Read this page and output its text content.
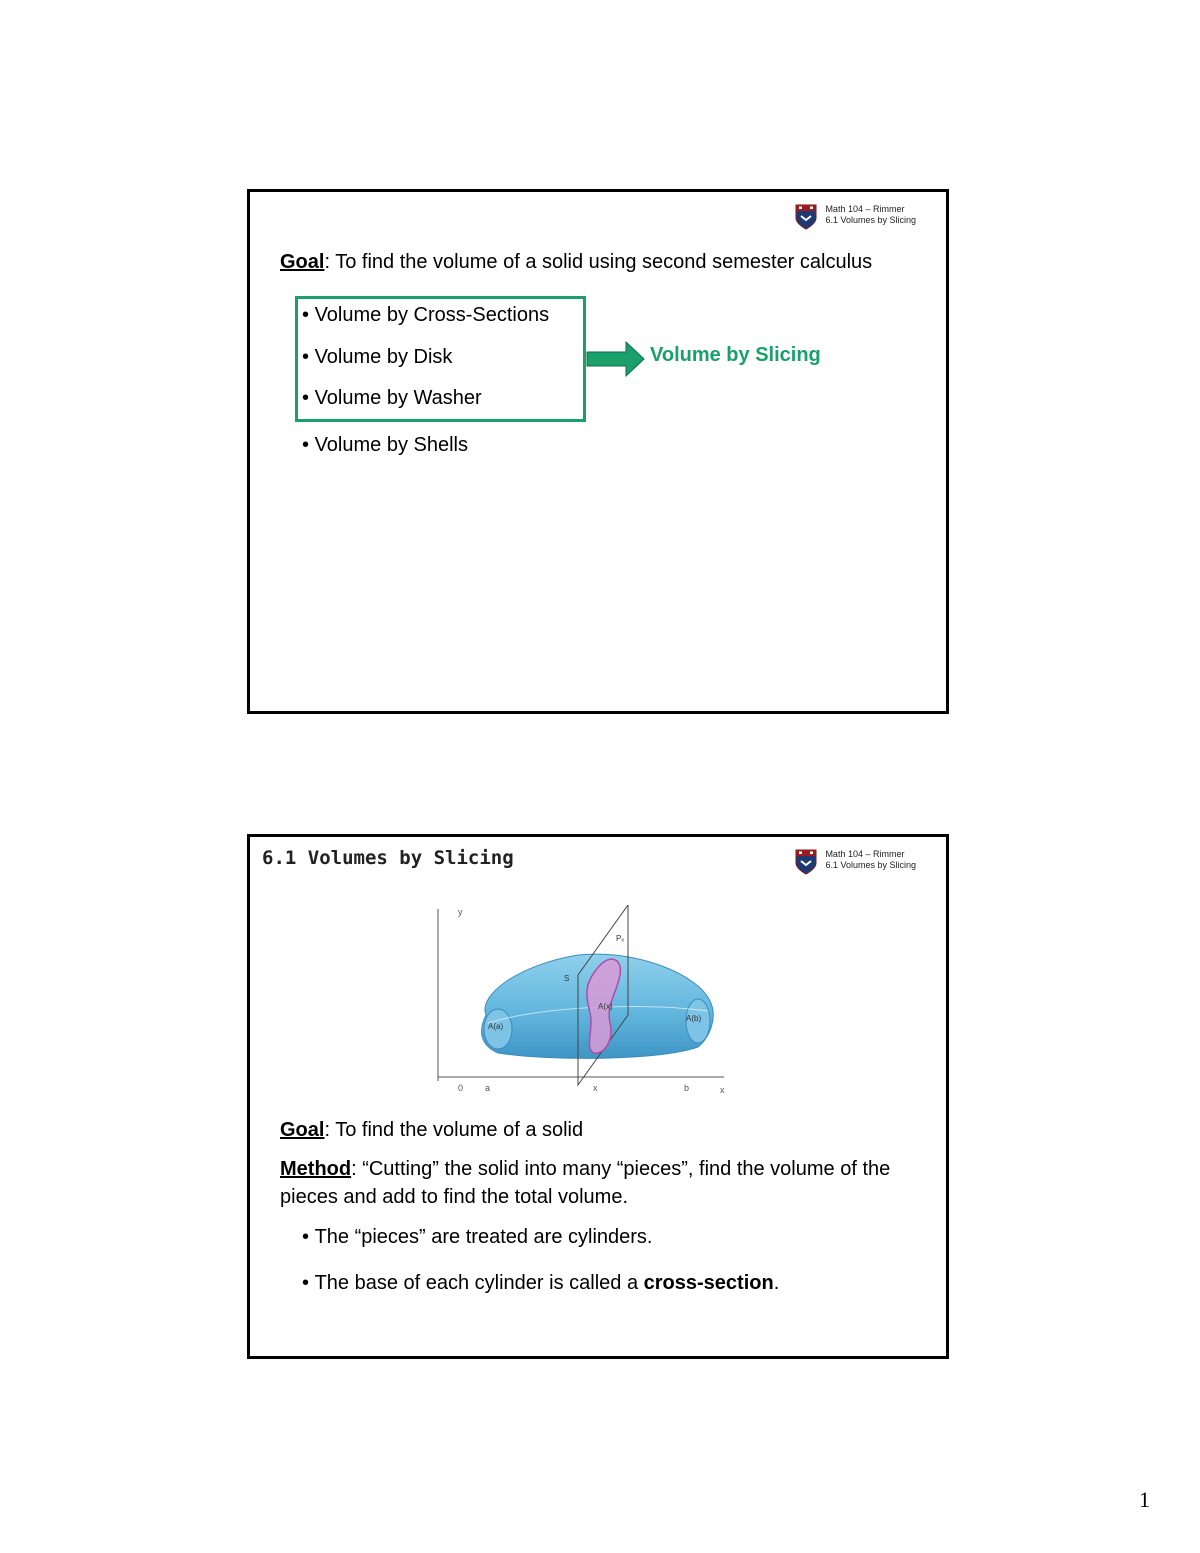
Math 104 – Rimmer
6.1 Volumes by Slicing
Goal: To find the volume of a solid using second semester calculus
• Volume by Cross-Sections
• Volume by Disk
• Volume by Washer
• Volume by Shells
Volume by Slicing
6.1 Volumes by Slicing	Math 104 – Rimmer
6.1 Volumes by Slicing
y
x
0 a	x	b
Pₓ
S
A(x)
A(a)
A(b)
Goal: To find the volume of a solid
Method: “Cutting” the solid into many “pieces”, find the volume of the pieces and add to find the total volume.
• The “pieces” are treated are cylinders.
• The base of each cylinder is called a cross-section.
1
